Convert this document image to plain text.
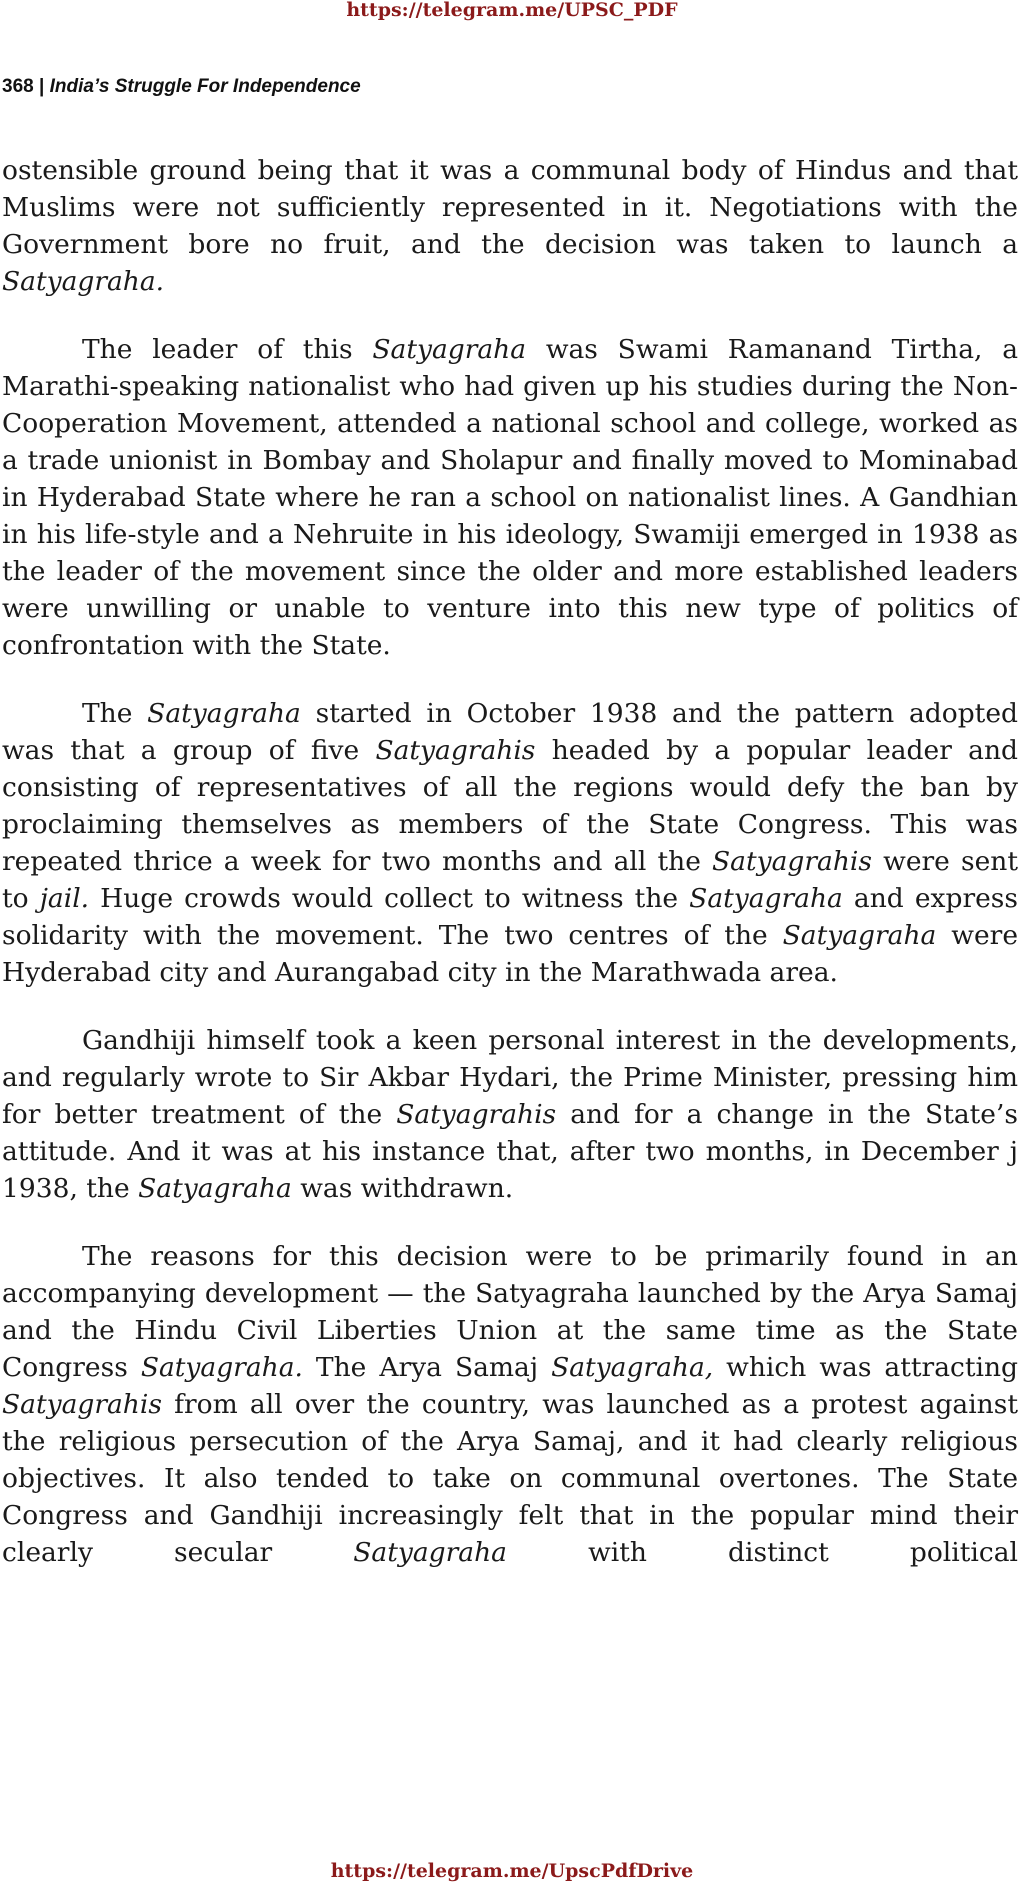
https://telegram.me/UPSC_PDF
368 | India’s Struggle For Independence

ostensible ground being that it was a communal body of Hindus and that Muslims were not sufficiently represented in it. Negotiations with the Government bore no fruit, and the decision was taken to launch a Satyagraha.

The leader of this Satyagraha was Swami Ramanand Tirtha, a Marathi-speaking nationalist who had given up his studies during the Non-Cooperation Movement, attended a national school and college, worked as a trade unionist in Bombay and Sholapur and finally moved to Mominabad in Hyderabad State where he ran a school on nationalist lines. A Gandhian in his life-style and a Nehruite in his ideology, Swamiji emerged in 1938 as the leader of the movement since the older and more established leaders were unwilling or unable to venture into this new type of politics of confrontation with the State.

The Satyagraha started in October 1938 and the pattern adopted was that a group of five Satyagrahis headed by a popular leader and consisting of representatives of all the regions would defy the ban by proclaiming themselves as members of the State Congress. This was repeated thrice a week for two months and all the Satyagrahis were sent to jail. Huge crowds would collect to witness the Satyagraha and express solidarity with the movement. The two centres of the Satyagraha were Hyderabad city and Aurangabad city in the Marathwada area.

Gandhiji himself took a keen personal interest in the developments, and regularly wrote to Sir Akbar Hydari, the Prime Minister, pressing him for better treatment of the Satyagrahis and for a change in the State’s attitude. And it was at his instance that, after two months, in December j 1938, the Satyagraha was withdrawn.

The reasons for this decision were to be primarily found in an accompanying development — the Satyagraha launched by the Arya Samaj and the Hindu Civil Liberties Union at the same time as the State Congress Satyagraha. The Arya Samaj Satyagraha, which was attracting Satyagrahis from all over the country, was launched as a protest against the religious persecution of the Arya Samaj, and it had clearly religious objectives. It also tended to take on communal overtones. The State Congress and Gandhiji increasingly felt that in the popular mind their clearly secular Satyagraha with distinct political

https://telegram.me/UpscPdfDrive
